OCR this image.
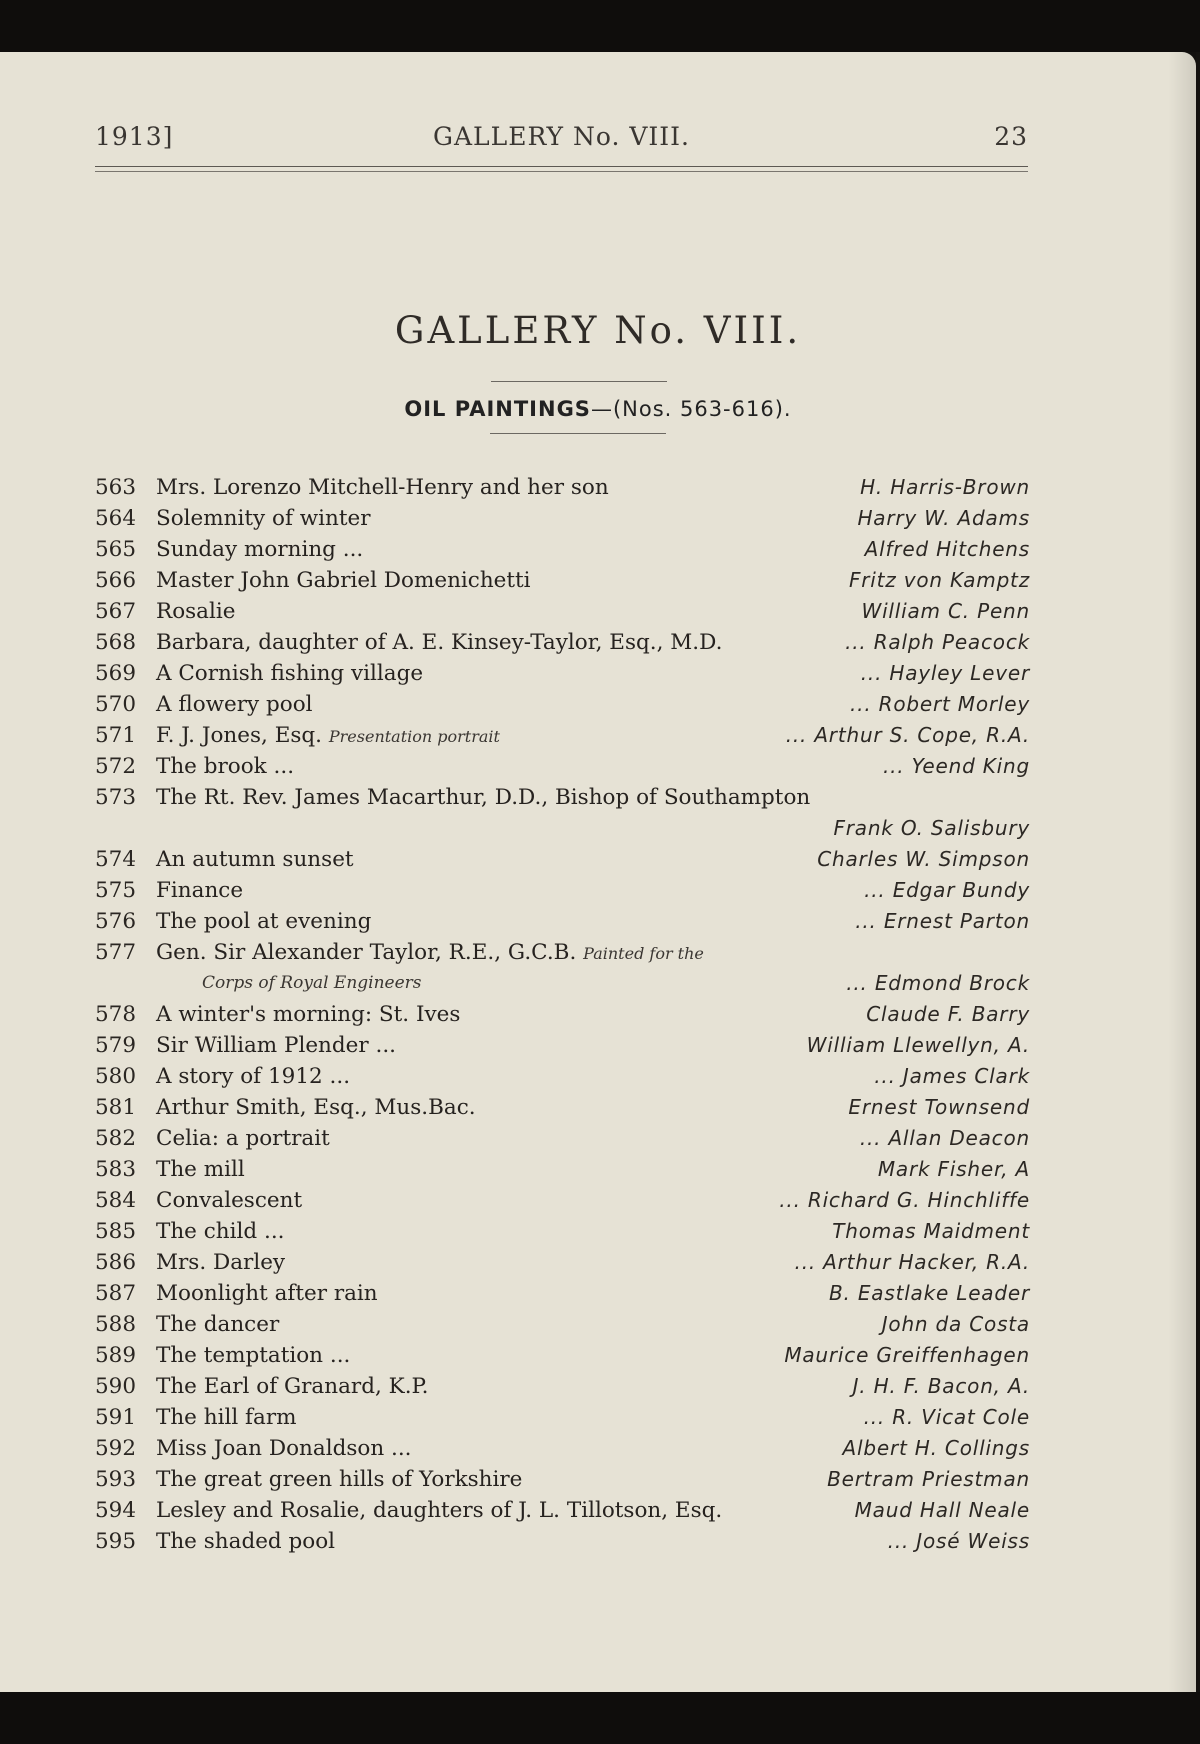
1913]	GALLERY No. VIII.	23
GALLERY No. VIII.
OIL PAINTINGS—(Nos. 563-616).
563 Mrs. Lorenzo Mitchell-Henry and her son	H. Harris-Brown
564 Solemnity of winter	Harry W. Adams
565 Sunday morning ...	Alfred Hitchens
566 Master John Gabriel Domenichetti	Fritz von Kamptz
567 Rosalie	William C. Penn
568 Barbara, daughter of A. E. Kinsey-Taylor, Esq., M.D.	... Ralph Peacock
569 A Cornish fishing village	... Hayley Lever
570 A flowery pool	... Robert Morley
571 F. J. Jones, Esq. Presentation portrait	... Arthur S. Cope, R.A.
572 The brook ...	... Yeend King
573 The Rt. Rev. James Macarthur, D.D., Bishop of Southampton
Frank O. Salisbury
574 An autumn sunset	Charles W. Simpson
575 Finance	... Edgar Bundy
576 The pool at evening	... Ernest Parton
577 Gen. Sir Alexander Taylor, R.E., G.C.B. Painted for the
Corps of Royal Engineers	... Edmond Brock
578 A winter's morning: St. Ives	Claude F. Barry
579 Sir William Plender ...	William Llewellyn, A.
580 A story of 1912 ...	... James Clark
581 Arthur Smith, Esq., Mus.Bac.	Ernest Townsend
582 Celia: a portrait	... Allan Deacon
583 The mill	Mark Fisher, A
584 Convalescent	... Richard G. Hinchliffe
585 The child ...	Thomas Maidment
586 Mrs. Darley	... Arthur Hacker, R.A.
587 Moonlight after rain	B. Eastlake Leader
588 The dancer	John da Costa
589 The temptation ...	Maurice Greiffenhagen
590 The Earl of Granard, K.P.	J. H. F. Bacon, A.
591 The hill farm	... R. Vicat Cole
592 Miss Joan Donaldson ...	Albert H. Collings
593 The great green hills of Yorkshire	Bertram Priestman
594 Lesley and Rosalie, daughters of J. L. Tillotson, Esq.	Maud Hall Neale
595 The shaded pool	... José Weiss
